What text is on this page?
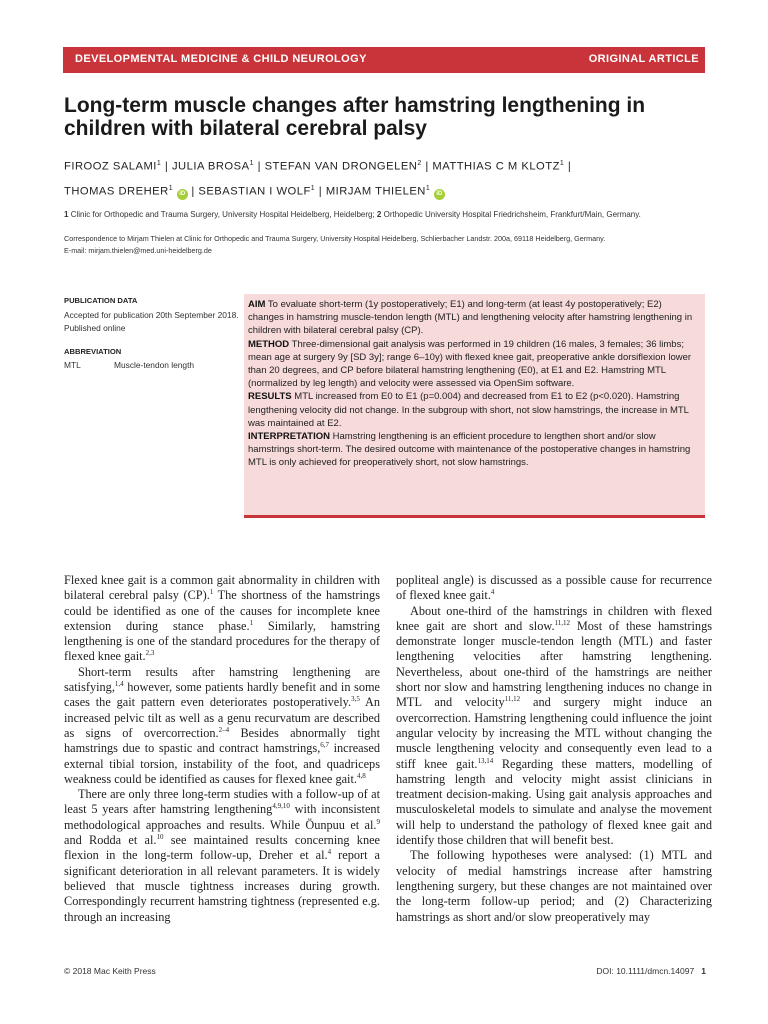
DEVELOPMENTAL MEDICINE & CHILD NEUROLOGY	ORIGINAL ARTICLE
Long-term muscle changes after hamstring lengthening in children with bilateral cerebral palsy
FIROOZ SALAMI$^1$ | JULIA BROSA$^1$ | STEFAN VAN DRONGELEN$^2$ | MATTHIAS C M KLOTZ$^1$ |
THOMAS DREHER$^1$ iD | SEBASTIAN I WOLF$^1$ | MIRJAM THIELEN$^1$ iD
1 Clinic for Orthopedic and Trauma Surgery, University Hospital Heidelberg, Heidelberg; 2 Orthopedic University Hospital Friedrichsheim, Frankfurt/Main, Germany.
Correspondence to Mirjam Thielen at Clinic for Orthopedic and Trauma Surgery, University Hospital Heidelberg, Schlierbacher Landstr. 200a, 69118 Heidelberg, Germany.
E-mail: mirjam.thielen@med.uni-heidelberg.de
PUBLICATION DATA
Accepted for publication 20th September 2018.
Published online
ABBREVIATION
MTL	Muscle-tendon length
AIM To evaluate short-term (1y postoperatively; E1) and long-term (at least 4y postoperatively; E2) changes in hamstring muscle-tendon length (MTL) and lengthening velocity after hamstring lengthening in children with bilateral cerebral palsy (CP).
METHOD Three-dimensional gait analysis was performed in 19 children (16 males, 3 females; 36 limbs; mean age at surgery 9y [SD 3y]; range 6–10y) with flexed knee gait, preoperative ankle dorsiflexion lower than 20 degrees, and CP before bilateral hamstring lengthening (E0), at E1 and E2. Hamstring MTL (normalized by leg length) and velocity were assessed via OpenSim software.
RESULTS MTL increased from E0 to E1 (p=0.004) and decreased from E1 to E2 (p<0.020). Hamstring lengthening velocity did not change. In the subgroup with short, not slow hamstrings, the increase in MTL was maintained at E2.
INTERPRETATION Hamstring lengthening is an efficient procedure to lengthen short and/or slow hamstrings short-term. The desired outcome with maintenance of the postoperative changes in hamstring MTL is only achieved for preoperatively short, not slow hamstrings.

Flexed knee gait is a common gait abnormality in children with bilateral cerebral palsy (CP).$^1$ The shortness of the hamstrings could be identified as one of the causes for incomplete knee extension during stance phase.$^1$ Similarly, hamstring lengthening is one of the standard procedures for the therapy of flexed knee gait.$^{2,3}$

Short-term results after hamstring lengthening are satisfying,$^{1,4}$ however, some patients hardly benefit and in some cases the gait pattern even deteriorates postoperatively.$^{3,5}$ An increased pelvic tilt as well as a genu recurvatum are described as signs of overcorrection.$^{2-4}$ Besides abnormally tight hamstrings due to spastic and contract hamstrings,$^{6,7}$ increased external tibial torsion, instability of the foot, and quadriceps weakness could be identified as causes for flexed knee gait.$^{4,8}$

There are only three long-term studies with a follow-up of at least 5 years after hamstring lengthening$^{4,9,10}$ with inconsistent methodological approaches and results. While Öunpuu et al.$^9$ and Rodda et al.$^{10}$ see maintained results concerning knee flexion in the long-term follow-up, Dreher et al.$^4$ report a significant deterioration in all relevant parameters. It is widely believed that muscle tightness increases during growth. Correspondingly recurrent hamstring tightness (represented e.g. through an increasing

popliteal angle) is discussed as a possible cause for recurrence of flexed knee gait.$^4$

About one-third of the hamstrings in children with flexed knee gait are short and slow.$^{11,12}$ Most of these hamstrings demonstrate longer muscle-tendon length (MTL) and faster lengthening velocities after hamstring lengthening. Nevertheless, about one-third of the hamstrings are neither short nor slow and hamstring lengthening induces no change in MTL and velocity$^{11,12}$ and surgery might induce an overcorrection. Hamstring lengthening could influence the joint angular velocity by increasing the MTL without changing the muscle lengthening velocity and consequently even lead to a stiff knee gait.$^{13,14}$ Regarding these matters, modelling of hamstring length and velocity might assist clinicians in treatment decision-making. Using gait analysis approaches and musculoskeletal models to simulate and analyse the movement will help to understand the pathology of flexed knee gait and identify those children that will benefit best.

The following hypotheses were analysed: (1) MTL and velocity of medial hamstrings increase after hamstring lengthening surgery, but these changes are not maintained over the long-term follow-up period; and (2) Characterizing hamstrings as short and/or slow preoperatively may

© 2018 Mac Keith Press	DOI: 10.1111/dmcn.14097 1
